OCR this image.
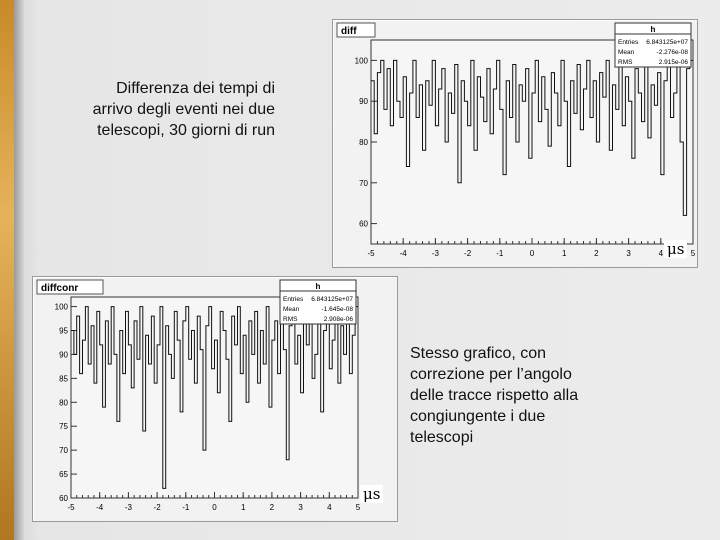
Differenza dei tempi di
arrivo degli eventi nei due
telescopi, 30 giorni di run
Stesso grafico, con
correzione per l’angolo
delle tracce rispetto alla
congiungente i due
telescopi
diff
-5	-4	-3	-2	-1	0	1	2	3	4	5
60
70
80
90
100
h
Entries 6.843125e+07
Mean	-2.276e-08
RMS	2.915e-06
diffconr
-5	-4	-3	-2	-1	0	1	2	3	4	5
60
65
70
75
80
85
90
95
100
h
Entries 6.843125e+07
Mean	-1.645e-08
RMS	2.908e-06
μs
μs
